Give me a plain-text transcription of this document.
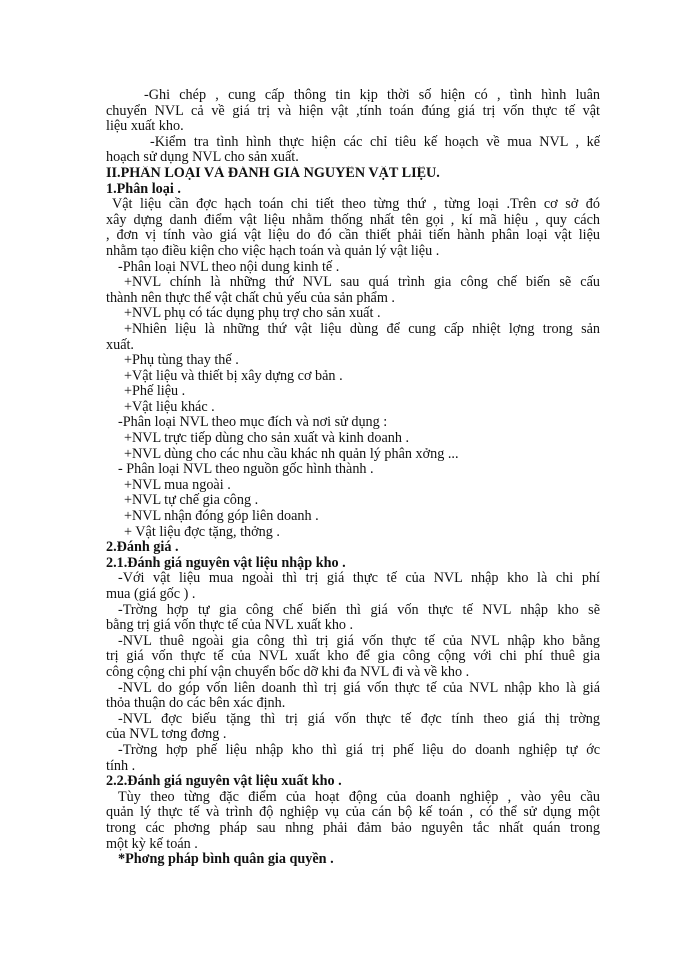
-Ghi chép , cung cấp thông tin kịp thời số hiện có , tình hình luân
chuyển NVL cả về giá trị và hiện vật ,tính toán đúng giá trị vốn thực tế vật
liệu xuất kho.
-Kiểm tra tình hình thực hiện các chỉ tiêu kế hoạch về mua NVL , kế
hoạch sử dụng NVL cho sản xuất.
II.PHÂN LOẠI VÀ ĐÁNH GIÁ NGUYÊN VẬT LIỆU.
1.Phân loại .
Vật liệu cần đợc hạch toán chi tiết theo từng thứ , từng loại .Trên cơ sở đó
xây dựng danh điểm vật liệu nhằm thống nhất tên gọi , kí mã hiệu , quy cách
, đơn vị tính vào giá vật liệu do đó cần thiết phải tiến hành phân loại vật liệu
nhằm tạo điều kiện cho việc hạch toán và quản lý vật liệu .
-Phân loại NVL theo nội dung kinh tế .
+NVL chính là những thứ NVL sau quá trình gia công chế biến sẽ cấu
thành nên thực thể vật chất chủ yếu của sản phẩm .
+NVL phụ có tác dụng phụ trợ cho sản xuất .
+Nhiên liệu là những thứ vật liệu dùng để cung cấp nhiệt lợng trong sản
xuất.
+Phụ tùng thay thế .
+Vật liệu và thiết bị xây dựng cơ bản .
+Phế liệu .
+Vật liệu khác .
-Phân loại NVL theo mục đích và nơi sử dụng :
+NVL trực tiếp dùng cho sản xuất và kinh doanh .
+NVL dùng cho các nhu cầu khác nh quản lý phân xởng ...
- Phân loại NVL theo nguồn gốc hình thành .
+NVL mua ngoài .
+NVL tự chế gia công .
+NVL nhận đóng góp liên doanh .
+ Vật liệu đợc tặng, thởng .
2.Đánh giá .
2.1.Đánh giá nguyên vật liệu nhập kho .
-Với vật liệu mua ngoài thì trị giá thực tế của NVL nhập kho là chi phí
mua (giá gốc ) .
-Trờng hợp tự gia công chế biến thì giá vốn thực tế NVL nhập kho sẽ
bằng trị giá vốn thực tế của NVL xuất kho .
-NVL thuê ngoài gia công thì trị giá vốn thực tế của NVL nhập kho bằng
trị giá vốn thực tế của NVL xuất kho để gia công cộng với chi phí thuê gia
công cộng chi phí vận chuyển bốc dỡ khi đa NVL đi và về kho .
-NVL do góp vốn liên doanh thì trị giá vốn thực tế của NVL nhập kho là giá
thỏa thuận do các bên xác định.
-NVL đợc biếu tặng thì trị giá vốn thực tế đợc tính theo giá thị trờng
của NVL tơng đơng .
-Trờng hợp phế liệu nhập kho thì giá trị phế liệu do doanh nghiệp tự ớc
tính .
2.2.Đánh giá nguyên vật liệu xuất kho .
Tùy theo từng đặc điểm của hoạt động của doanh nghiệp , vào yêu cầu
quản lý thực tế và trình độ nghiệp vụ của cán bộ kế toán , có thể sử dụng một
trong các phơng pháp sau nhng phải đảm bảo nguyên tắc nhất quán trong
một kỳ kế toán .
*Phơng pháp bình quân gia quyền .
